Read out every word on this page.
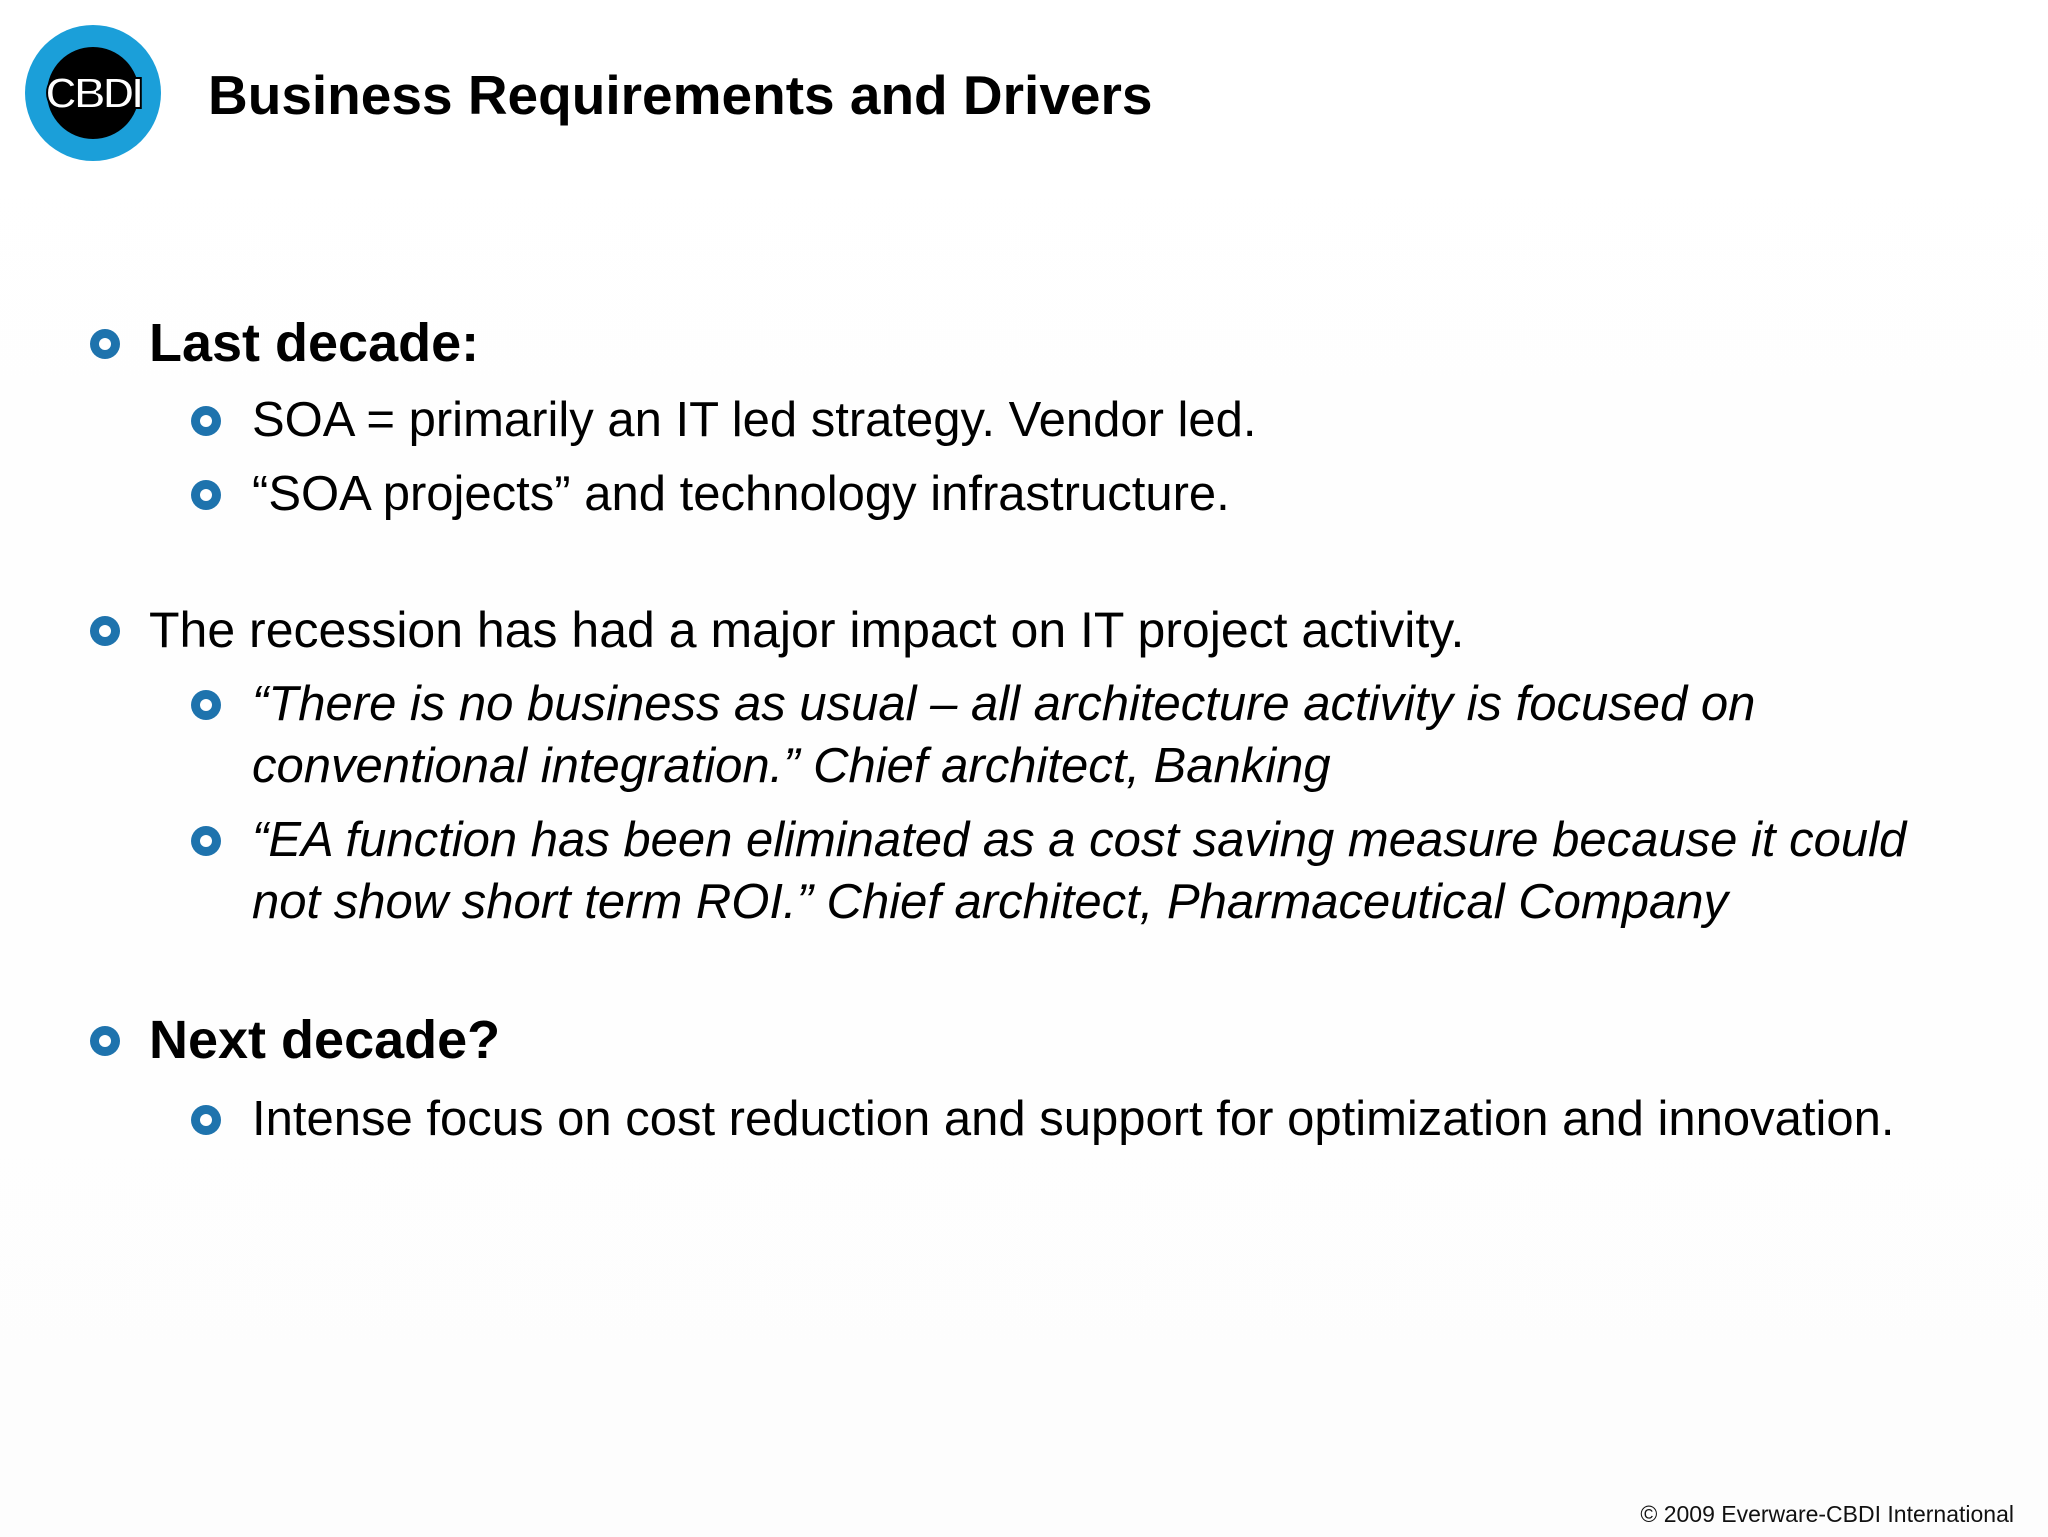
CBDI Business Requirements and Drivers
Last decade:
SOA = primarily an IT led strategy. Vendor led.
“SOA projects” and technology infrastructure.
The recession has had a major impact on IT project activity.
“There is no business as usual – all architecture activity is focused on
conventional integration.” Chief architect, Banking
“EA function has been eliminated as a cost saving measure because it could
not show short term ROI.” Chief architect, Pharmaceutical Company
Next decade?
Intense focus on cost reduction and support for optimization and innovation.
© 2009 Everware-CBDI International
